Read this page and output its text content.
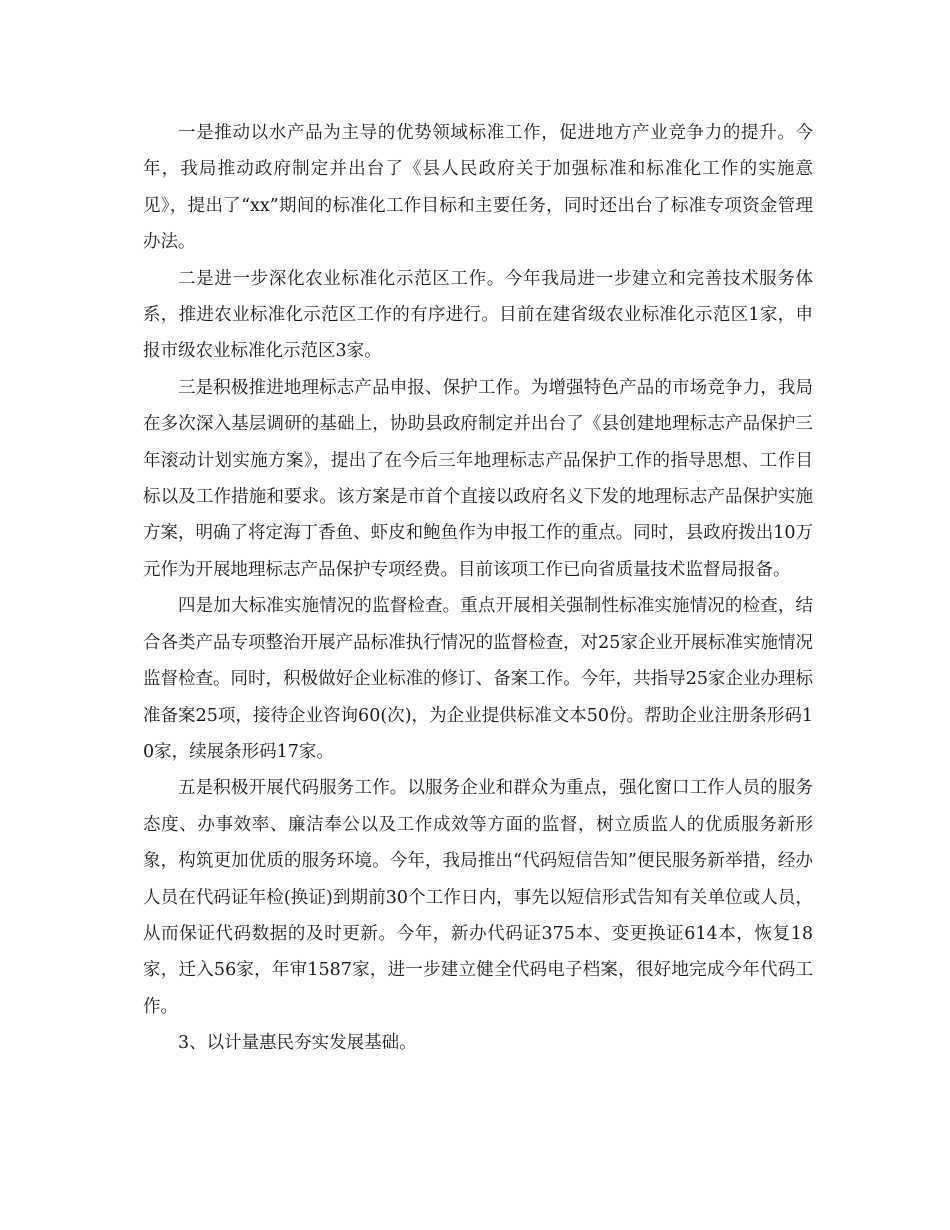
一是推动以水产品为主导的优势领域标准工作，促进地方产业竞争力的提升。今年，我局推动政府制定并出台了《县人民政府关于加强标准和标准化工作的实施意见》，提出了“xx”期间的标准化工作目标和主要任务，同时还出台了标准专项资金管理办法。

二是进一步深化农业标准化示范区工作。今年我局进一步建立和完善技术服务体系，推进农业标准化示范区工作的有序进行。目前在建省级农业标准化示范区1家，申报市级农业标准化示范区3家。

三是积极推进地理标志产品申报、保护工作。为增强特色产品的市场竞争力，我局在多次深入基层调研的基础上，协助县政府制定并出台了《县创建地理标志产品保护三年滚动计划实施方案》，提出了在今后三年地理标志产品保护工作的指导思想、工作目标以及工作措施和要求。该方案是市首个直接以政府名义下发的地理标志产品保护实施方案，明确了将定海丁香鱼、虾皮和鲍鱼作为申报工作的重点。同时，县政府拨出10万元作为开展地理标志产品保护专项经费。目前该项工作已向省质量技术监督局报备。

四是加大标准实施情况的监督检查。重点开展相关强制性标准实施情况的检查，结合各类产品专项整治开展产品标准执行情况的监督检查，对25家企业开展标准实施情况监督检查。同时，积极做好企业标准的修订、备案工作。今年，共指导25家企业办理标准备案25项，接待企业咨询60(次)，为企业提供标准文本50份。帮助企业注册条形码10家，续展条形码17家。

五是积极开展代码服务工作。以服务企业和群众为重点，强化窗口工作人员的服务态度、办事效率、廉洁奉公以及工作成效等方面的监督，树立质监人的优质服务新形象，构筑更加优质的服务环境。今年，我局推出“代码短信告知”便民服务新举措，经办人员在代码证年检(换证)到期前30个工作日内，事先以短信形式告知有关单位或人员，从而保证代码数据的及时更新。今年，新办代码证375本、变更换证614本，恢复18家，迁入56家，年审1587家，进一步建立健全代码电子档案，很好地完成今年代码工作。

3、以计量惠民夯实发展基础。
